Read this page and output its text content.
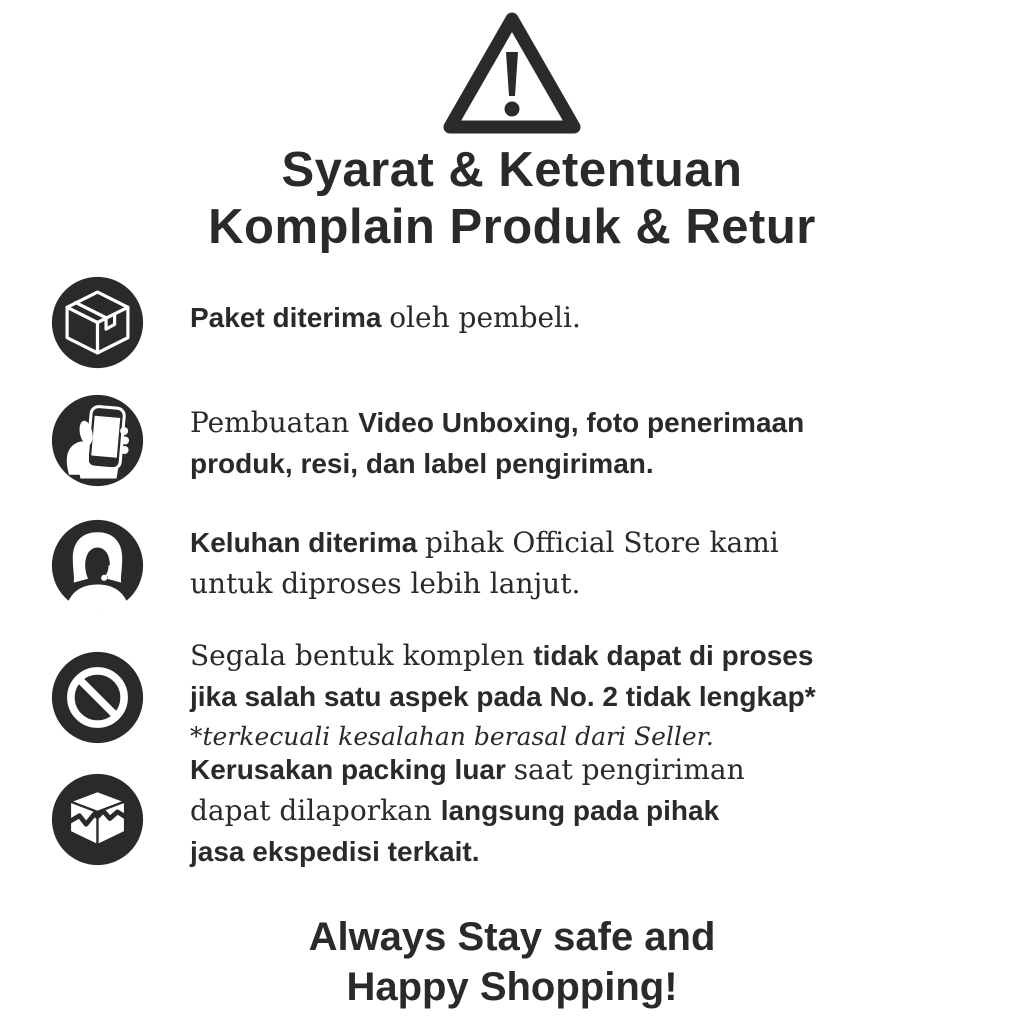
Syarat & Ketentuan
Komplain Produk & Retur
Paket diterima oleh pembeli.
Pembuatan Video Unboxing, foto penerimaan
produk, resi, dan label pengiriman.
Keluhan diterima pihak Official Store kami
untuk diproses lebih lanjut.
Segala bentuk komplen tidak dapat di proses
jika salah satu aspek pada No. 2 tidak lengkap*
*terkecuali kesalahan berasal dari Seller.
Kerusakan packing luar saat pengiriman
dapat dilaporkan langsung pada pihak
jasa ekspedisi terkait.
Always Stay safe and
Happy Shopping!
